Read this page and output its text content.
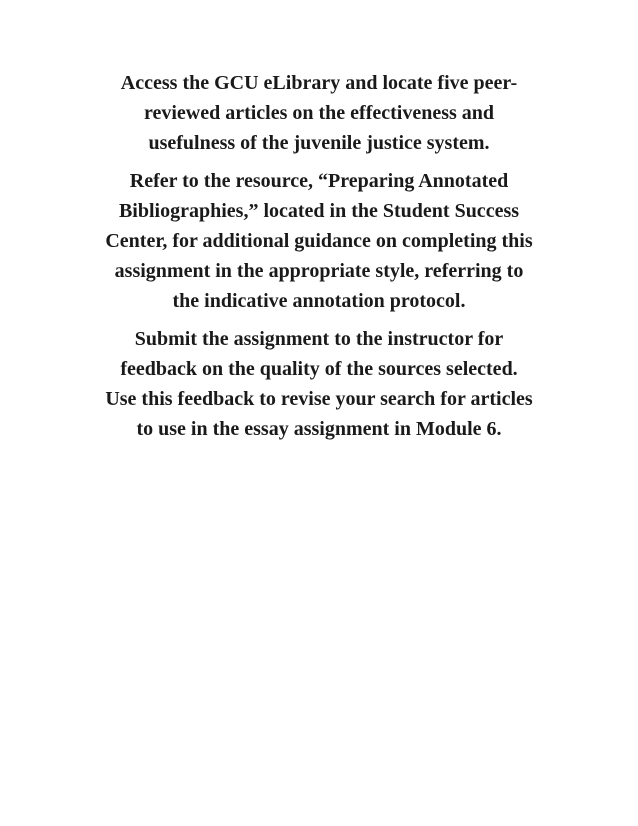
Access the GCU eLibrary and locate five peer-
reviewed articles on the effectiveness and
usefulness of the juvenile justice system.

Refer to the resource, “Preparing Annotated
Bibliographies,” located in the Student Success
Center, for additional guidance on completing this
assignment in the appropriate style, referring to
the indicative annotation protocol.

Submit the assignment to the instructor for
feedback on the quality of the sources selected.
Use this feedback to revise your search for articles
to use in the essay assignment in Module 6.
